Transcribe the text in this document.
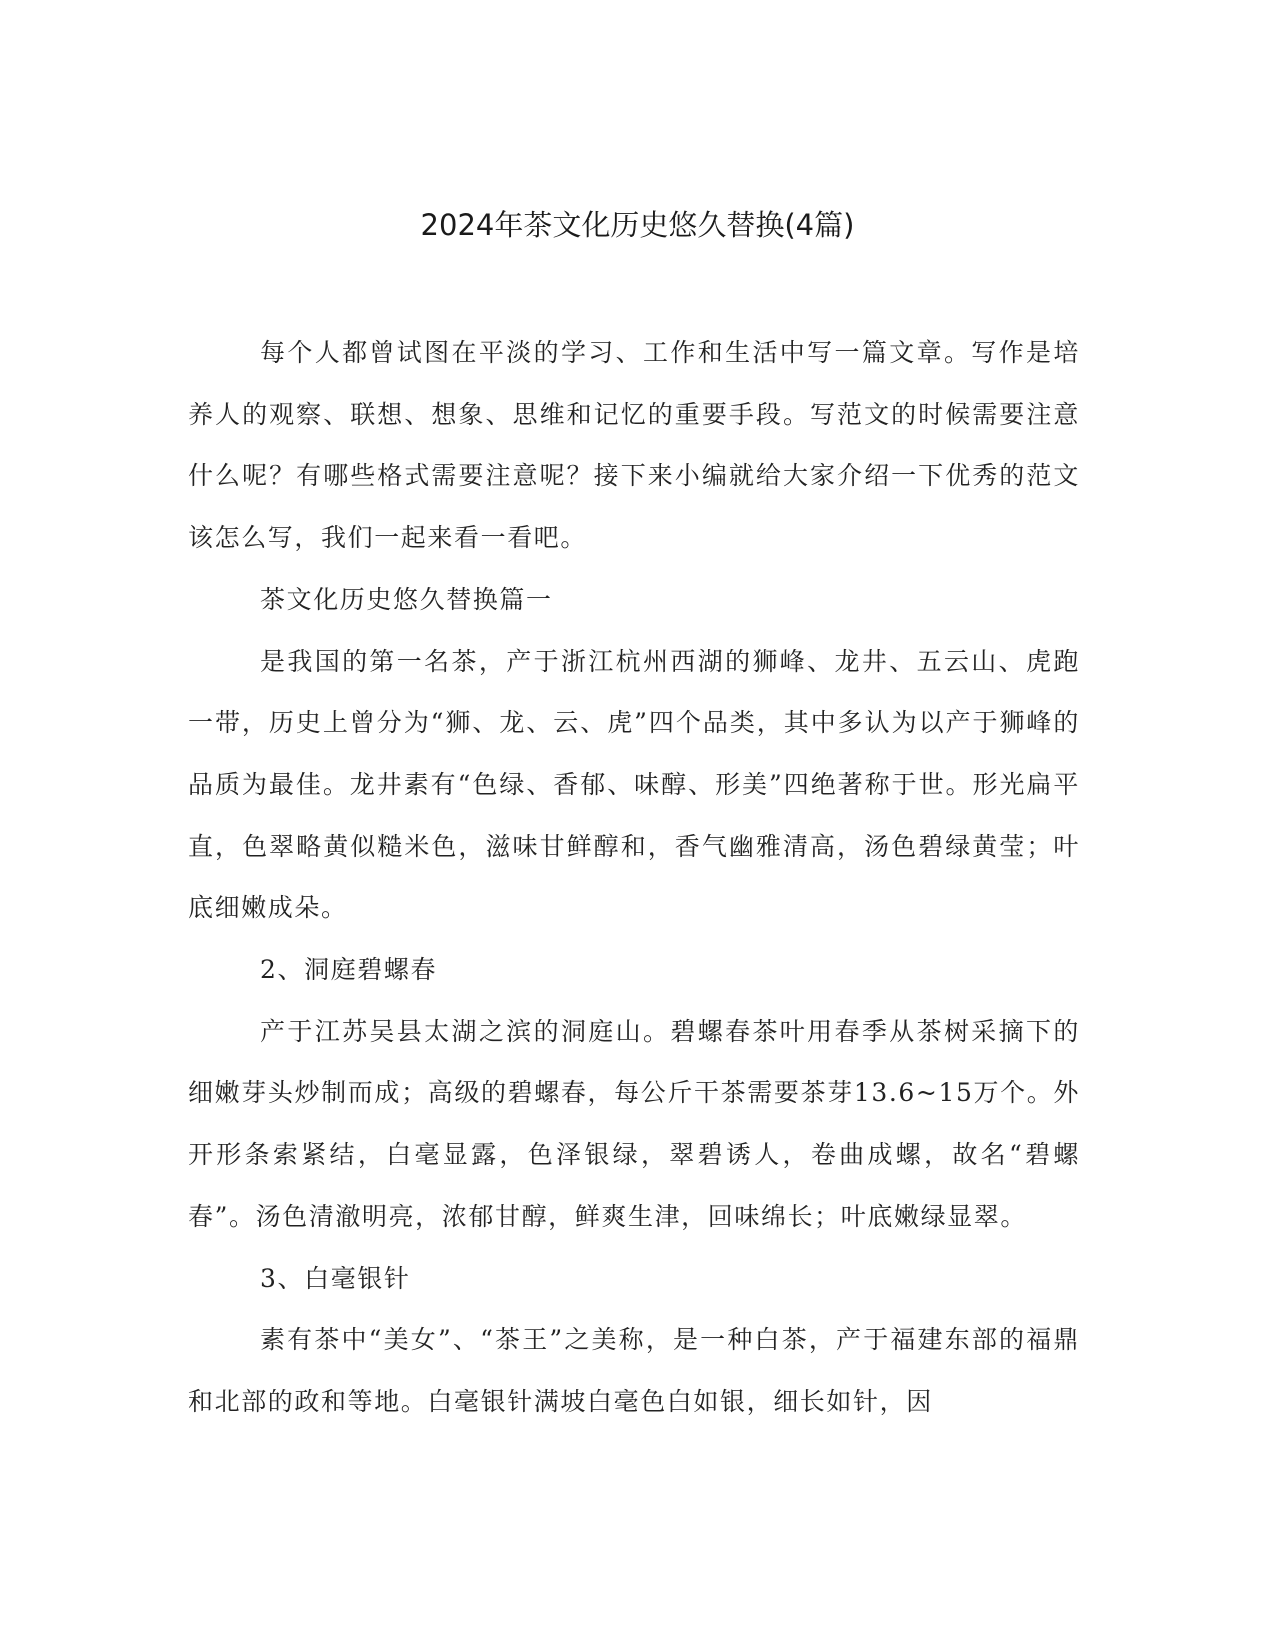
2024年茶文化历史悠久替换(4篇)

每个人都曾试图在平淡的学习、工作和生活中写一篇文章。写作是培养人的观察、联想、想象、思维和记忆的重要手段。写范文的时候需要注意什么呢？有哪些格式需要注意呢？接下来小编就给大家介绍一下优秀的范文该怎么写，我们一起来看一看吧。

茶文化历史悠久替换篇一

是我国的第一名茶，产于浙江杭州西湖的狮峰、龙井、五云山、虎跑一带，历史上曾分为“狮、龙、云、虎”四个品类，其中多认为以产于狮峰的品质为最佳。龙井素有“色绿、香郁、味醇、形美”四绝著称于世。形光扁平直，色翠略黄似糙米色，滋味甘鲜醇和，香气幽雅清高，汤色碧绿黄莹；叶底细嫩成朵。

2、洞庭碧螺春

产于江苏吴县太湖之滨的洞庭山。碧螺春茶叶用春季从茶树采摘下的细嫩芽头炒制而成；高级的碧螺春，每公斤干茶需要茶芽13.6~15万个。外开形条索紧结，白毫显露，色泽银绿，翠碧诱人，卷曲成螺，故名“碧螺春”。汤色清澈明亮，浓郁甘醇，鲜爽生津，回味绵长；叶底嫩绿显翠。

3、白毫银针

素有茶中“美女”、“茶王”之美称，是一种白茶，产于福建东部的福鼎和北部的政和等地。白毫银针满坡白毫色白如银，细长如针，因
